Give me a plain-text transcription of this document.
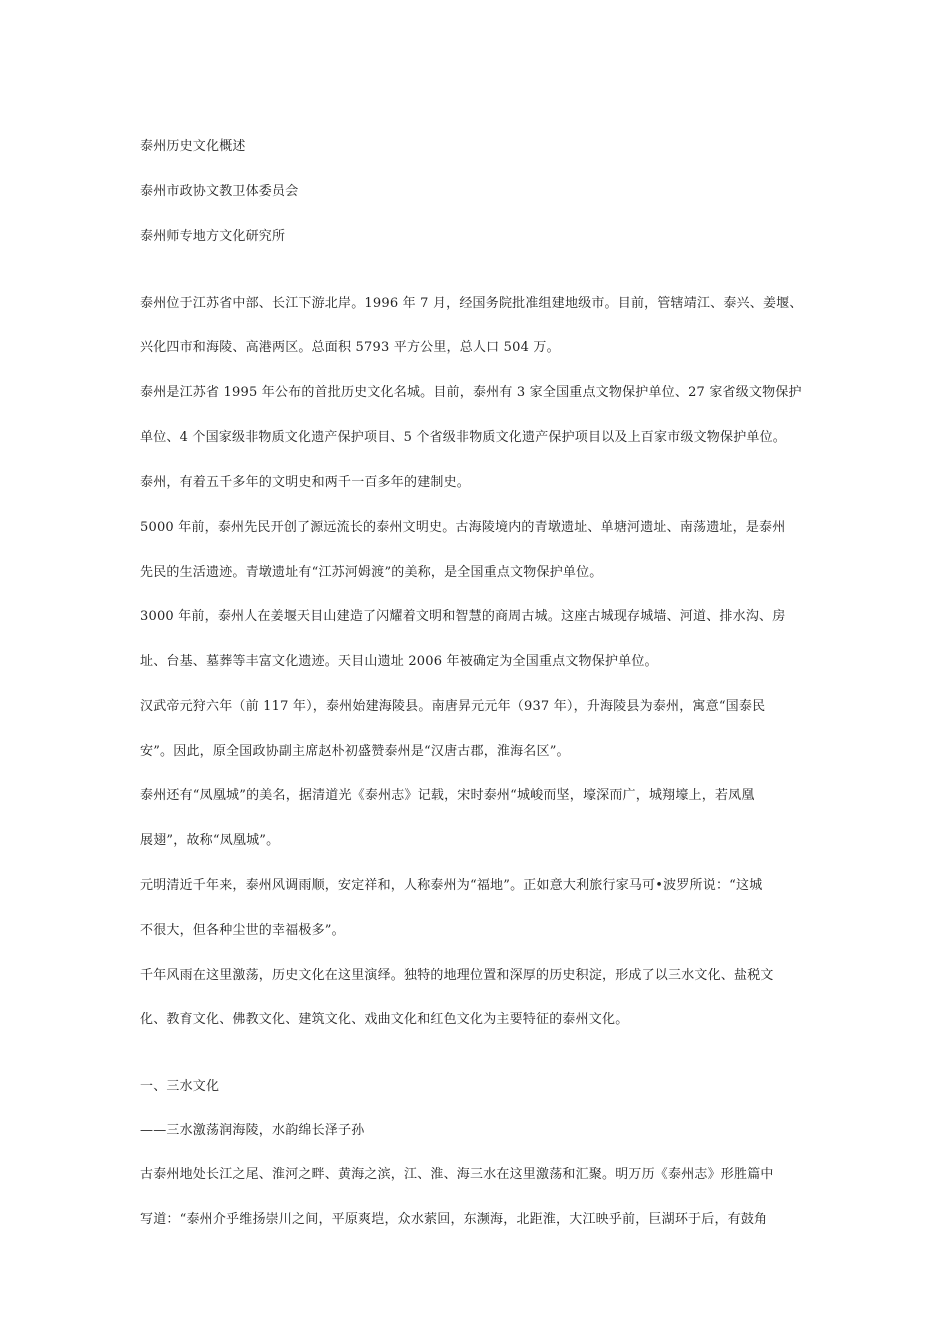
泰州历史文化概述

泰州市政协文教卫体委员会

泰州师专地方文化研究所

泰州位于江苏省中部、长江下游北岸。1996 年 7 月，经国务院批准组建地级市。目前，管辖靖江、泰兴、姜堰、

兴化四市和海陵、高港两区。总面积 5793 平方公里，总人口 504 万。

泰州是江苏省 1995 年公布的首批历史文化名城。目前，泰州有 3 家全国重点文物保护单位、27 家省级文物保护

单位、4 个国家级非物质文化遗产保护项目、5 个省级非物质文化遗产保护项目以及上百家市级文物保护单位。

泰州，有着五千多年的文明史和两千一百多年的建制史。

5000 年前，泰州先民开创了源远流长的泰州文明史。古海陵境内的青墩遗址、单塘河遗址、南荡遗址，是泰州

先民的生活遗迹。青墩遗址有“江苏河姆渡”的美称，是全国重点文物保护单位。

3000 年前，泰州人在姜堰天目山建造了闪耀着文明和智慧的商周古城。这座古城现存城墙、河道、排水沟、房

址、台基、墓葬等丰富文化遗迹。天目山遗址 2006 年被确定为全国重点文物保护单位。

汉武帝元狩六年（前 117 年），泰州始建海陵县。南唐昇元元年（937 年），升海陵县为泰州，寓意“国泰民

安”。因此，原全国政协副主席赵朴初盛赞泰州是“汉唐古郡，淮海名区”。

泰州还有“凤凰城”的美名，据清道光《泰州志》记载，宋时泰州“城峻而坚，壕深而广，城翔壕上，若凤凰

展翅”，故称“凤凰城”。

元明清近千年来，泰州风调雨顺，安定祥和，人称泰州为“福地”。正如意大利旅行家马可•波罗所说：“这城

不很大，但各种尘世的幸福极多”。

千年风雨在这里激荡，历史文化在这里演绎。独特的地理位置和深厚的历史积淀，形成了以三水文化、盐税文

化、教育文化、佛教文化、建筑文化、戏曲文化和红色文化为主要特征的泰州文化。

一、三水文化

——三水激荡润海陵，水韵绵长泽子孙

古泰州地处长江之尾、淮河之畔、黄海之滨，江、淮、海三水在这里激荡和汇聚。明万历《泰州志》形胜篇中

写道：“泰州介乎维扬崇川之间，平原爽垲，众水萦回，东濒海，北距淮，大江映乎前，巨湖环于后，有鼓角
